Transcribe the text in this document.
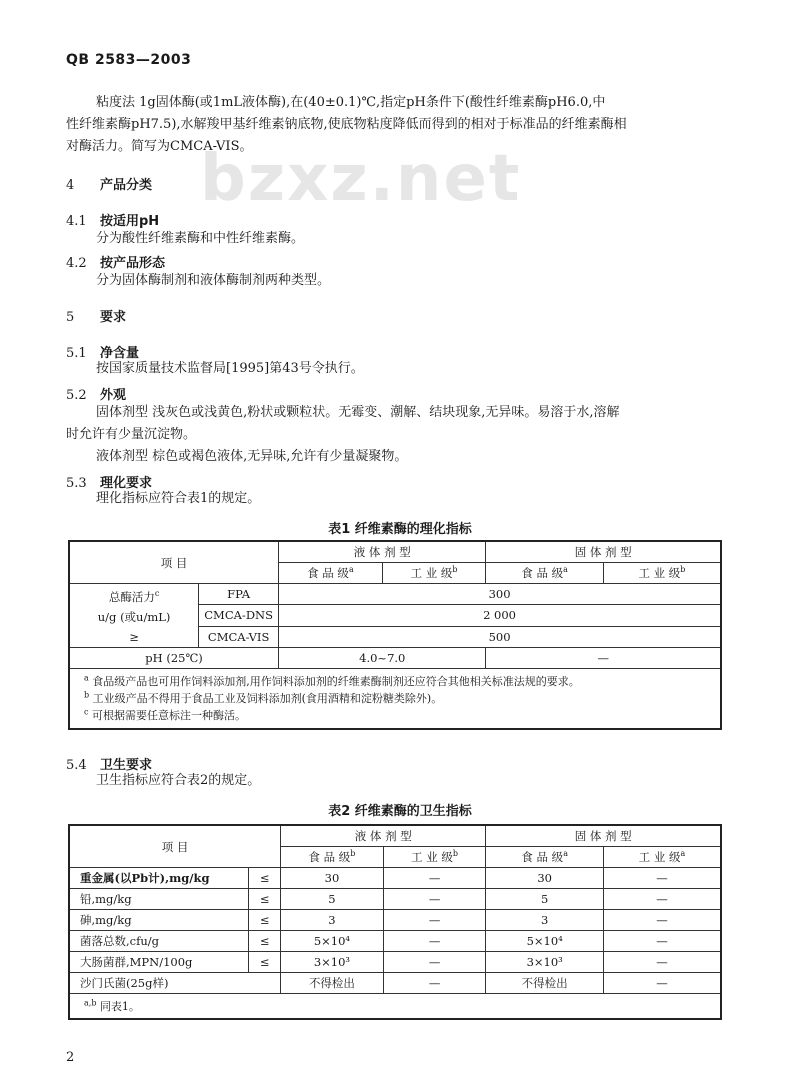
QB 2583—2003
bzxz.net
粘度法 1g固体酶(或1mL液体酶),在(40±0.1)℃,指定pH条件下(酸性纤维素酶pH6.0,中
性纤维素酶pH7.5),水解羧甲基纤维素钠底物,使底物粘度降低而得到的相对于标准品的纤维素酶相
对酶活力。简写为CMCA-VIS。
4 产品分类
4.1 按适用pH
分为酸性纤维素酶和中性纤维素酶。
4.2 按产品形态
分为固体酶制剂和液体酶制剂两种类型。
5 要求
5.1 净含量
按国家质量技术监督局[1995]第43号令执行。
5.2 外观
固体剂型 浅灰色或浅黄色,粉状或颗粒状。无霉变、潮解、结块现象,无异味。易溶于水,溶解
时允许有少量沉淀物。
液体剂型 棕色或褐色液体,无异味,允许有少量凝聚物。
5.3 理化要求
理化指标应符合表1的规定。
表1 纤维素酶的理化指标
项 目		液 体 剂 型		固 体 剂 型	
		食 品 级$^a$	工 业 级$^b$	食 品 级$^a$	工 业 级$^b$

总酶活力$^c$
u/g (或u/mL)
≥	FPA	300			
	CMCA-DNS	2 000			
	CMCA-VIS	500			
pH (25℃)		4.0~7.0		—	
$^a$ 食品级产品也可用作饲料添加剂,用作饲料添加剂的纤维素酶制剂还应符合其他相关标准法规的要求。					
$^b$ 工业级产品不得用于食品工业及饲料添加剂(食用酒精和淀粉糖类除外)。					
$^c$ 可根据需要任意标注一种酶活。					
5.4 卫生要求
卫生指标应符合表2的规定。
表2 纤维素酶的卫生指标
项 目		液 体 剂 型		固 体 剂 型	
		食 品 级$^b$	工 业 级$^b$	食 品 级$^a$	工 业 级$^a$
重金属(以Pb计),mg/kg	≤	30	—	30	—
铅,mg/kg	≤	5	—	5	—
砷,mg/kg	≤	3	—	3	—
菌落总数,cfu/g	≤	5×10⁴	—	5×10⁴	—
大肠菌群,MPN/100g	≤	3×10³	—	3×10³	—
沙门氏菌(25g样)		不得检出	—	不得检出	—
$^{a,b}$ 同表1。					
2
